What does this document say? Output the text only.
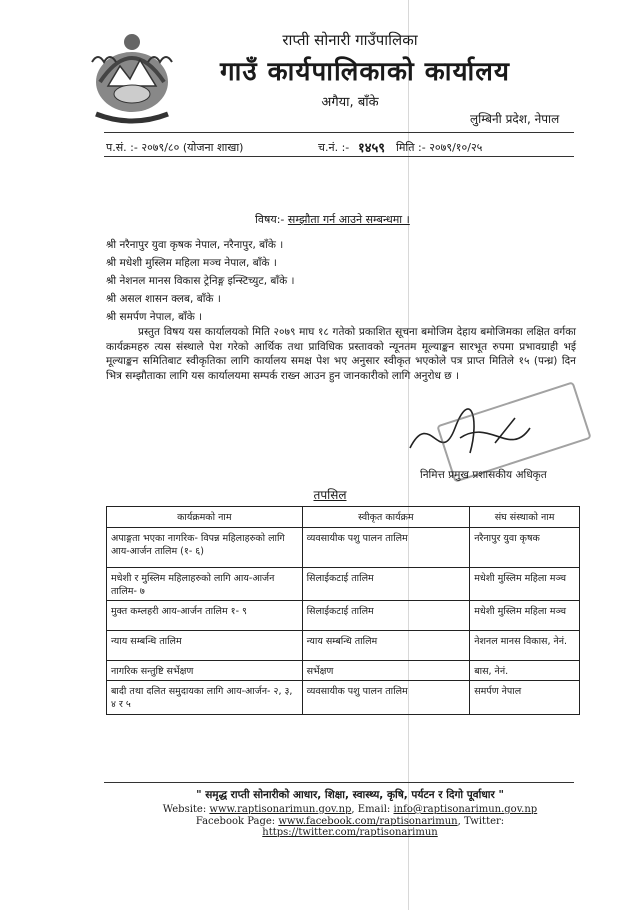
राप्ती सोनारी गाउँपालिका
गाउँ कार्यपालिकाको कार्यालय
अगैया, बाँके
लुम्बिनी प्रदेश, नेपाल
प.सं. :- २०७९/८० (योजना शाखा)	च.नं. :- १४५९ मिति :- २०७९/१०/२५
विषय:- सम्झौता गर्न आउने सम्बन्धमा ।
श्री नरैनापुर युवा कृषक नेपाल, नरैनापुर, बाँके ।
श्री मधेशी मुस्लिम महिला मञ्च नेपाल, बाँके ।
श्री नेशनल मानस विकास ट्रेनिङ्ग इन्स्टिच्युट, बाँके ।
श्री असल शासन क्लब, बाँके ।
श्री समर्पण नेपाल, बाँके ।
प्रस्तुत विषय यस कार्यालयको मिति २०७९ माघ १८ गतेको प्रकाशित सूचना बमोजिम देहाय बमोजिमका लक्षित वर्गका कार्यक्रमहरु त्यस संस्थाले पेश गरेको आर्थिक तथा प्राविधिक प्रस्तावको न्यूनतम मूल्याङ्कन सारभूत रुपमा प्रभावग्राही भई मूल्याङ्कन समितिबाट स्वीकृतिका लागि कार्यालय समक्ष पेश भए अनुसार स्वीकृत भएकोले पत्र प्राप्त मितिले १५ (पन्ध्र) दिन भित्र सम्झौताका लागि यस कार्यालयमा सम्पर्क राख्न आउन हुन जानकारीको लागि अनुरोध छ ।
निमित्त प्रमुख प्रशासकीय अधिकृत
तपसिल
कार्यक्रमको नाम	स्वीकृत कार्यक्रम	संघ संस्थाको नाम
अपाङ्गता भएका नागरिक- विपन्न महिलाहरुको लागि आय-आर्जन तालिम (१- ६)	व्यवसायीक पशु पालन तालिम	नरैनापुर युवा कृषक
मधेशी र मुस्लिम महिलाहरुको लागि आय-आर्जन तालिम- ७	सिलाईकटाई तालिम	मधेशी मुस्लिम महिला मञ्च
मुक्त कम्लहरी आय-आर्जन तालिम १- ९	सिलाईकटाई तालिम	मधेशी मुस्लिम महिला मञ्च
न्याय सम्बन्धि तालिम	न्याय सम्बन्धि तालिम	नेशनल मानस विकास, नेनं.
नागरिक सन्तुष्टि सर्भेक्षण	सर्भेक्षण	बास, नेनं.
बादी तथा दलित समुदायका लागि आय-आर्जन- २, ३, ४ र ५	व्यवसायीक पशु पालन तालिम	समर्पण नेपाल
" समृद्ध राप्ती सोनारीको आधार, शिक्षा, स्वास्थ्य, कृषि, पर्यटन र दिगो पूर्वाधार "
Website: www.raptisonarimun.gov.np, Email: info@raptisonarimun.gov.np
Facebook Page: www.facebook.com/raptisonarimun, Twitter: https://twitter.com/raptisonarimun
